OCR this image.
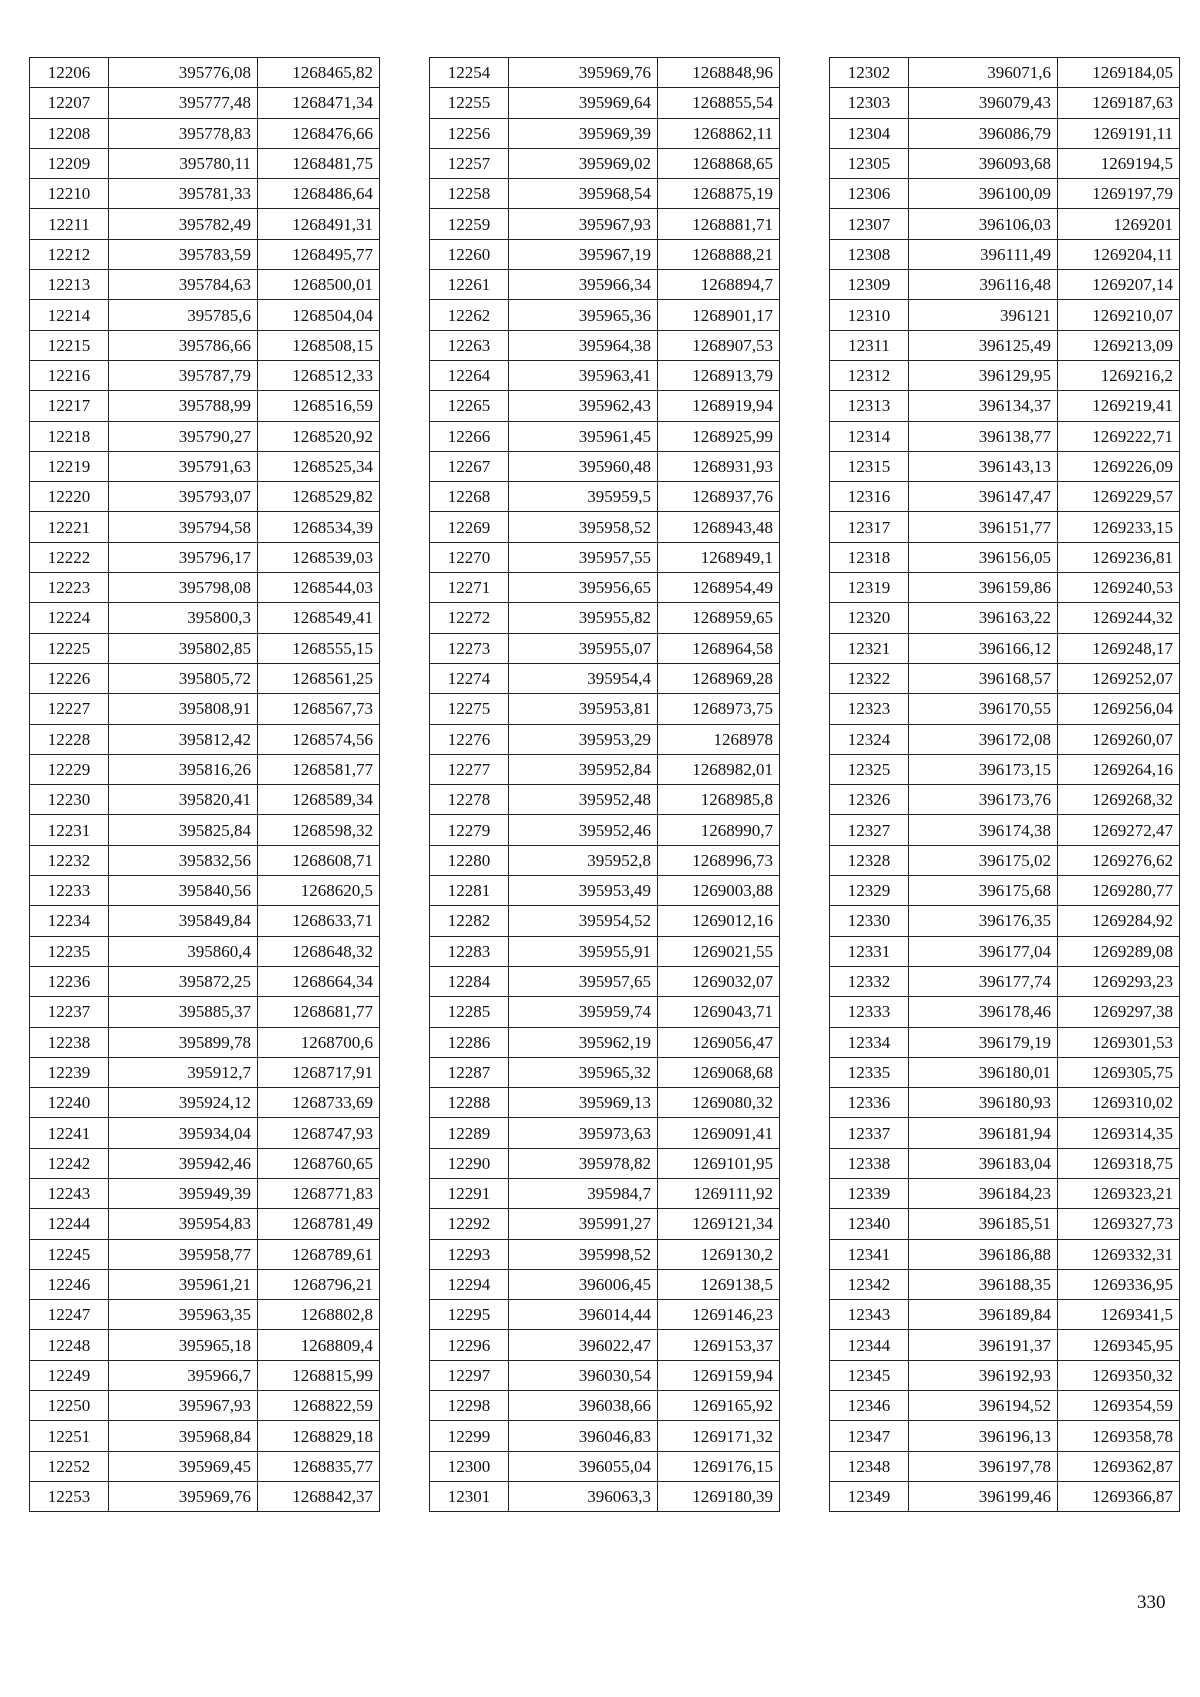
12206	395776,08	1268465,82
12207	395777,48	1268471,34
12208	395778,83	1268476,66
12209	395780,11	1268481,75
12210	395781,33	1268486,64
12211	395782,49	1268491,31
12212	395783,59	1268495,77
12213	395784,63	1268500,01
12214	395785,6	1268504,04
12215	395786,66	1268508,15
12216	395787,79	1268512,33
12217	395788,99	1268516,59
12218	395790,27	1268520,92
12219	395791,63	1268525,34
12220	395793,07	1268529,82
12221	395794,58	1268534,39
12222	395796,17	1268539,03
12223	395798,08	1268544,03
12224	395800,3	1268549,41
12225	395802,85	1268555,15
12226	395805,72	1268561,25
12227	395808,91	1268567,73
12228	395812,42	1268574,56
12229	395816,26	1268581,77
12230	395820,41	1268589,34
12231	395825,84	1268598,32
12232	395832,56	1268608,71
12233	395840,56	1268620,5
12234	395849,84	1268633,71
12235	395860,4	1268648,32
12236	395872,25	1268664,34
12237	395885,37	1268681,77
12238	395899,78	1268700,6
12239	395912,7	1268717,91
12240	395924,12	1268733,69
12241	395934,04	1268747,93
12242	395942,46	1268760,65
12243	395949,39	1268771,83
12244	395954,83	1268781,49
12245	395958,77	1268789,61
12246	395961,21	1268796,21
12247	395963,35	1268802,8
12248	395965,18	1268809,4
12249	395966,7	1268815,99
12250	395967,93	1268822,59
12251	395968,84	1268829,18
12252	395969,45	1268835,77
12253	395969,76	1268842,37
12254	395969,76	1268848,96
12255	395969,64	1268855,54
12256	395969,39	1268862,11
12257	395969,02	1268868,65
12258	395968,54	1268875,19
12259	395967,93	1268881,71
12260	395967,19	1268888,21
12261	395966,34	1268894,7
12262	395965,36	1268901,17
12263	395964,38	1268907,53
12264	395963,41	1268913,79
12265	395962,43	1268919,94
12266	395961,45	1268925,99
12267	395960,48	1268931,93
12268	395959,5	1268937,76
12269	395958,52	1268943,48
12270	395957,55	1268949,1
12271	395956,65	1268954,49
12272	395955,82	1268959,65
12273	395955,07	1268964,58
12274	395954,4	1268969,28
12275	395953,81	1268973,75
12276	395953,29	1268978
12277	395952,84	1268982,01
12278	395952,48	1268985,8
12279	395952,46	1268990,7
12280	395952,8	1268996,73
12281	395953,49	1269003,88
12282	395954,52	1269012,16
12283	395955,91	1269021,55
12284	395957,65	1269032,07
12285	395959,74	1269043,71
12286	395962,19	1269056,47
12287	395965,32	1269068,68
12288	395969,13	1269080,32
12289	395973,63	1269091,41
12290	395978,82	1269101,95
12291	395984,7	1269111,92
12292	395991,27	1269121,34
12293	395998,52	1269130,2
12294	396006,45	1269138,5
12295	396014,44	1269146,23
12296	396022,47	1269153,37
12297	396030,54	1269159,94
12298	396038,66	1269165,92
12299	396046,83	1269171,32
12300	396055,04	1269176,15
12301	396063,3	1269180,39
12302	396071,6	1269184,05
12303	396079,43	1269187,63
12304	396086,79	1269191,11
12305	396093,68	1269194,5
12306	396100,09	1269197,79
12307	396106,03	1269201
12308	396111,49	1269204,11
12309	396116,48	1269207,14
12310	396121	1269210,07
12311	396125,49	1269213,09
12312	396129,95	1269216,2
12313	396134,37	1269219,41
12314	396138,77	1269222,71
12315	396143,13	1269226,09
12316	396147,47	1269229,57
12317	396151,77	1269233,15
12318	396156,05	1269236,81
12319	396159,86	1269240,53
12320	396163,22	1269244,32
12321	396166,12	1269248,17
12322	396168,57	1269252,07
12323	396170,55	1269256,04
12324	396172,08	1269260,07
12325	396173,15	1269264,16
12326	396173,76	1269268,32
12327	396174,38	1269272,47
12328	396175,02	1269276,62
12329	396175,68	1269280,77
12330	396176,35	1269284,92
12331	396177,04	1269289,08
12332	396177,74	1269293,23
12333	396178,46	1269297,38
12334	396179,19	1269301,53
12335	396180,01	1269305,75
12336	396180,93	1269310,02
12337	396181,94	1269314,35
12338	396183,04	1269318,75
12339	396184,23	1269323,21
12340	396185,51	1269327,73
12341	396186,88	1269332,31
12342	396188,35	1269336,95
12343	396189,84	1269341,5
12344	396191,37	1269345,95
12345	396192,93	1269350,32
12346	396194,52	1269354,59
12347	396196,13	1269358,78
12348	396197,78	1269362,87
12349	396199,46	1269366,87
330
